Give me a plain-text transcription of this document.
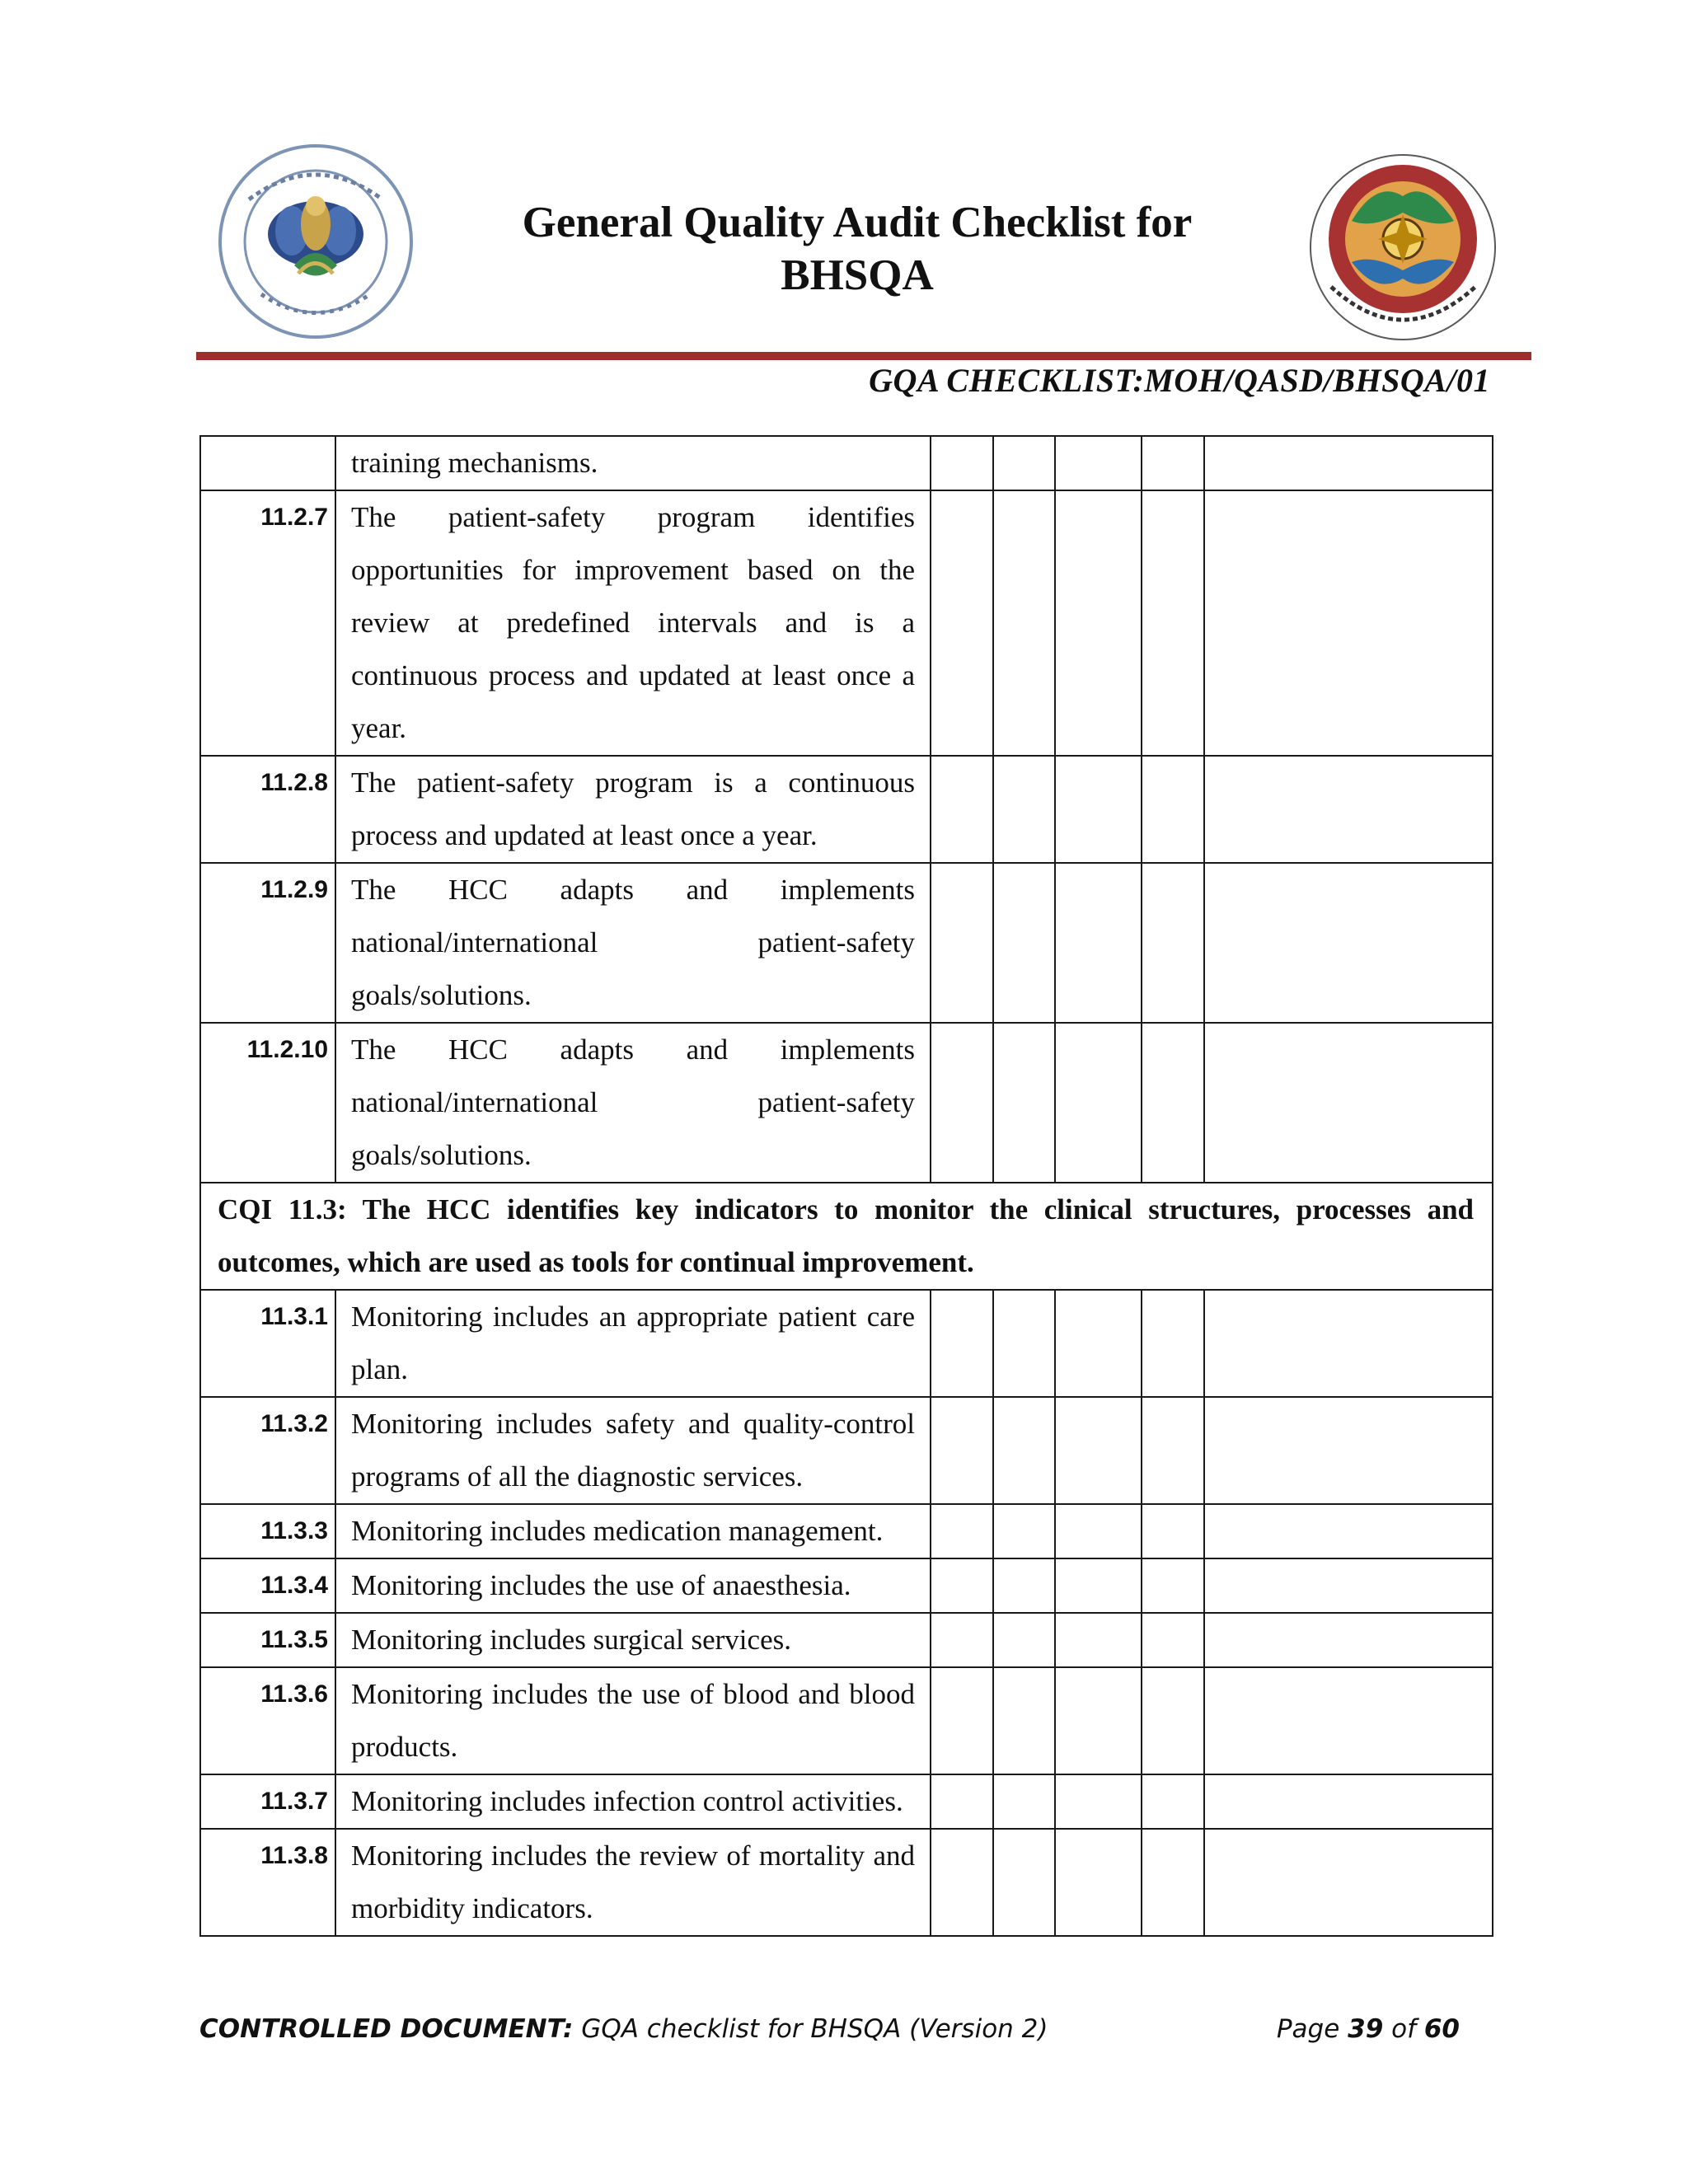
General Quality Audit Checklist for
BHSQA
GQA CHECKLIST:MOH/QASD/BHSQA/01
	training mechanisms.					
11.2.7	The patient-safety program identifies opportunities for improvement based on the review at predefined intervals and is a continuous process and updated at least once a year.					
11.2.8	The patient-safety program is a continuous process and updated at least once a year.					
11.2.9	The HCC adapts and implements national/international patient-safety goals/solutions.					
11.2.10	The HCC adapts and implements national/international patient-safety goals/solutions.					
CQI 11.3: The HCC identifies key indicators to monitor the clinical structures, processes and outcomes, which are used as tools for continual improvement.						
11.3.1	Monitoring includes an appropriate patient care plan.					
11.3.2	Monitoring includes safety and quality-control programs of all the diagnostic services.					
11.3.3	Monitoring includes medication management.					
11.3.4	Monitoring includes the use of anaesthesia.					
11.3.5	Monitoring includes surgical services.					
11.3.6	Monitoring includes the use of blood and blood products.					
11.3.7	Monitoring includes infection control activities.					
11.3.8	Monitoring includes the review of mortality and morbidity indicators.					
CONTROLLED DOCUMENT: GQA checklist for BHSQA (Version 2)	Page 39 of 60
